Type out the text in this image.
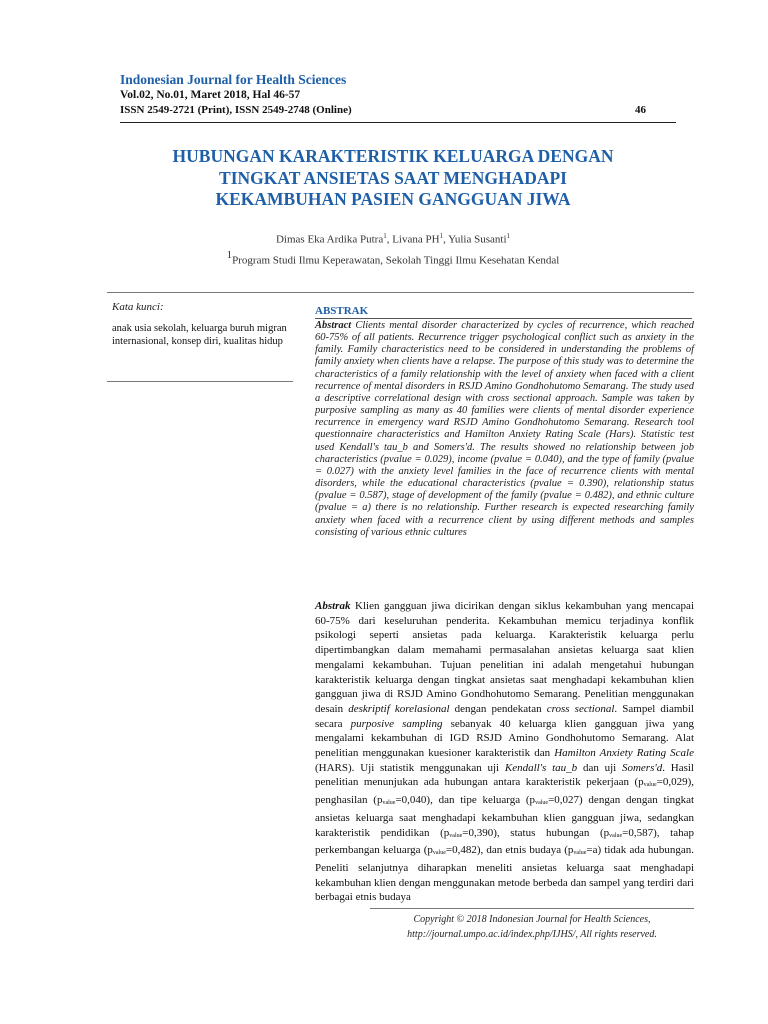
Indonesian Journal for Health Sciences
Vol.02, No.01, Maret 2018, Hal 46-57
ISSN 2549-2721 (Print), ISSN 2549-2748 (Online)	46
HUBUNGAN KARAKTERISTIK KELUARGA DENGAN
TINGKAT ANSIETAS SAAT MENGHADAPI
KEKAMBUHAN PASIEN GANGGUAN JIWA
Dimas Eka Ardika Putra$^1$, Livana $PH^1$, Yulia Susanti$^1$
$^1$Program Studi Ilmu Keperawatan, Sekolah Tinggi Ilmu Kesehatan Kendal
Kata kunci:
anak usia sekolah, keluarga buruh migran internasional, konsep diri, kualitas hidup
ABSTRAK
Abstract Clients mental disorder characterized by cycles of recurrence, which reached 60-75% of all patients. Recurrence trigger psychological conflict such as anxiety in the family. Family characteristics need to be considered in understanding the problems of family anxiety when clients have a relapse. The purpose of this study was to determine the characteristics of a family relationship with the level of anxiety when faced with a client recurrence of mental disorders in RSJD Amino Gondhohutomo Semarang. The study used a descriptive correlational design with cross sectional approach. Sample was taken by purposive sampling as many as 40 families were clients of mental disorder experience recurrence in emergency ward RSJD Amino Gondhohutomo Semarang. Research tool questionnaire characteristics and Hamilton Anxiety Rating Scale (Hars). Statistic test used Kendall's tau_b and Somers'd. The results showed no relationship between job characteristics (pvalue = 0.029), income (pvalue = 0.040), and the type of family (pvalue = 0.027) with the anxiety level families in the face of recurrence clients with mental disorders, while the educational characteristics (pvalue = 0.390), relationship status (pvalue = 0.587), stage of development of the family (pvalue = 0.482), and ethnic culture (pvalue = a) there is no relationship. Further research is expected researching family anxiety when faced with a recurrence client by using different methods and samples consisting of various ethnic cultures
Abstrak Klien gangguan jiwa dicirikan dengan siklus kekambuhan yang mencapai 60-75% dari keseluruhan penderita. Kekambuhan memicu terjadinya konflik psikologi seperti ansietas pada keluarga. Karakteristik keluarga perlu dipertimbangkan dalam memahami permasalahan ansietas keluarga saat klien mengalami kekambuhan. Tujuan penelitian ini adalah mengetahui hubungan karakteristik keluarga dengan tingkat ansietas saat menghadapi kekambuhan klien gangguan jiwa di RSJD Amino Gondhohutomo Semarang. Penelitian menggunakan desain deskriptif korelasional dengan pendekatan cross sectional. Sampel diambil secara purposive sampling sebanyak 40 keluarga klien gangguan jiwa yang mengalami kekambuhan di IGD RSJD Amino Gondhohutomo Semarang. Alat penelitian menggunakan kuesioner karakteristik dan Hamilton Anxiety Rating Scale (HARS). Uji statistik menggunakan uji Kendall's tau_b dan uji Somers'd. Hasil penelitian menunjukan ada hubungan antara karakteristik pekerjaan (pvalue=0,029), penghasilan (pvalue=0,040), dan tipe keluarga (pvalue=0,027) dengan dengan tingkat ansietas keluarga saat menghadapi kekambuhan klien gangguan jiwa, sedangkan karakteristik pendidikan (pvalue=0,390), status hubungan (pvalue=0,587), tahap perkembangan keluarga (pvalue=0,482), dan etnis budaya (pvalue=a) tidak ada hubungan. Peneliti selanjutnya diharapkan meneliti ansietas keluarga saat menghadapi kekambuhan klien dengan menggunakan metode berbeda dan sampel yang terdiri dari berbagai etnis budaya
Copyright © 2018 Indonesian Journal for Health Sciences,
http://journal.umpo.ac.id/index.php/IJHS/, All rights reserved.
